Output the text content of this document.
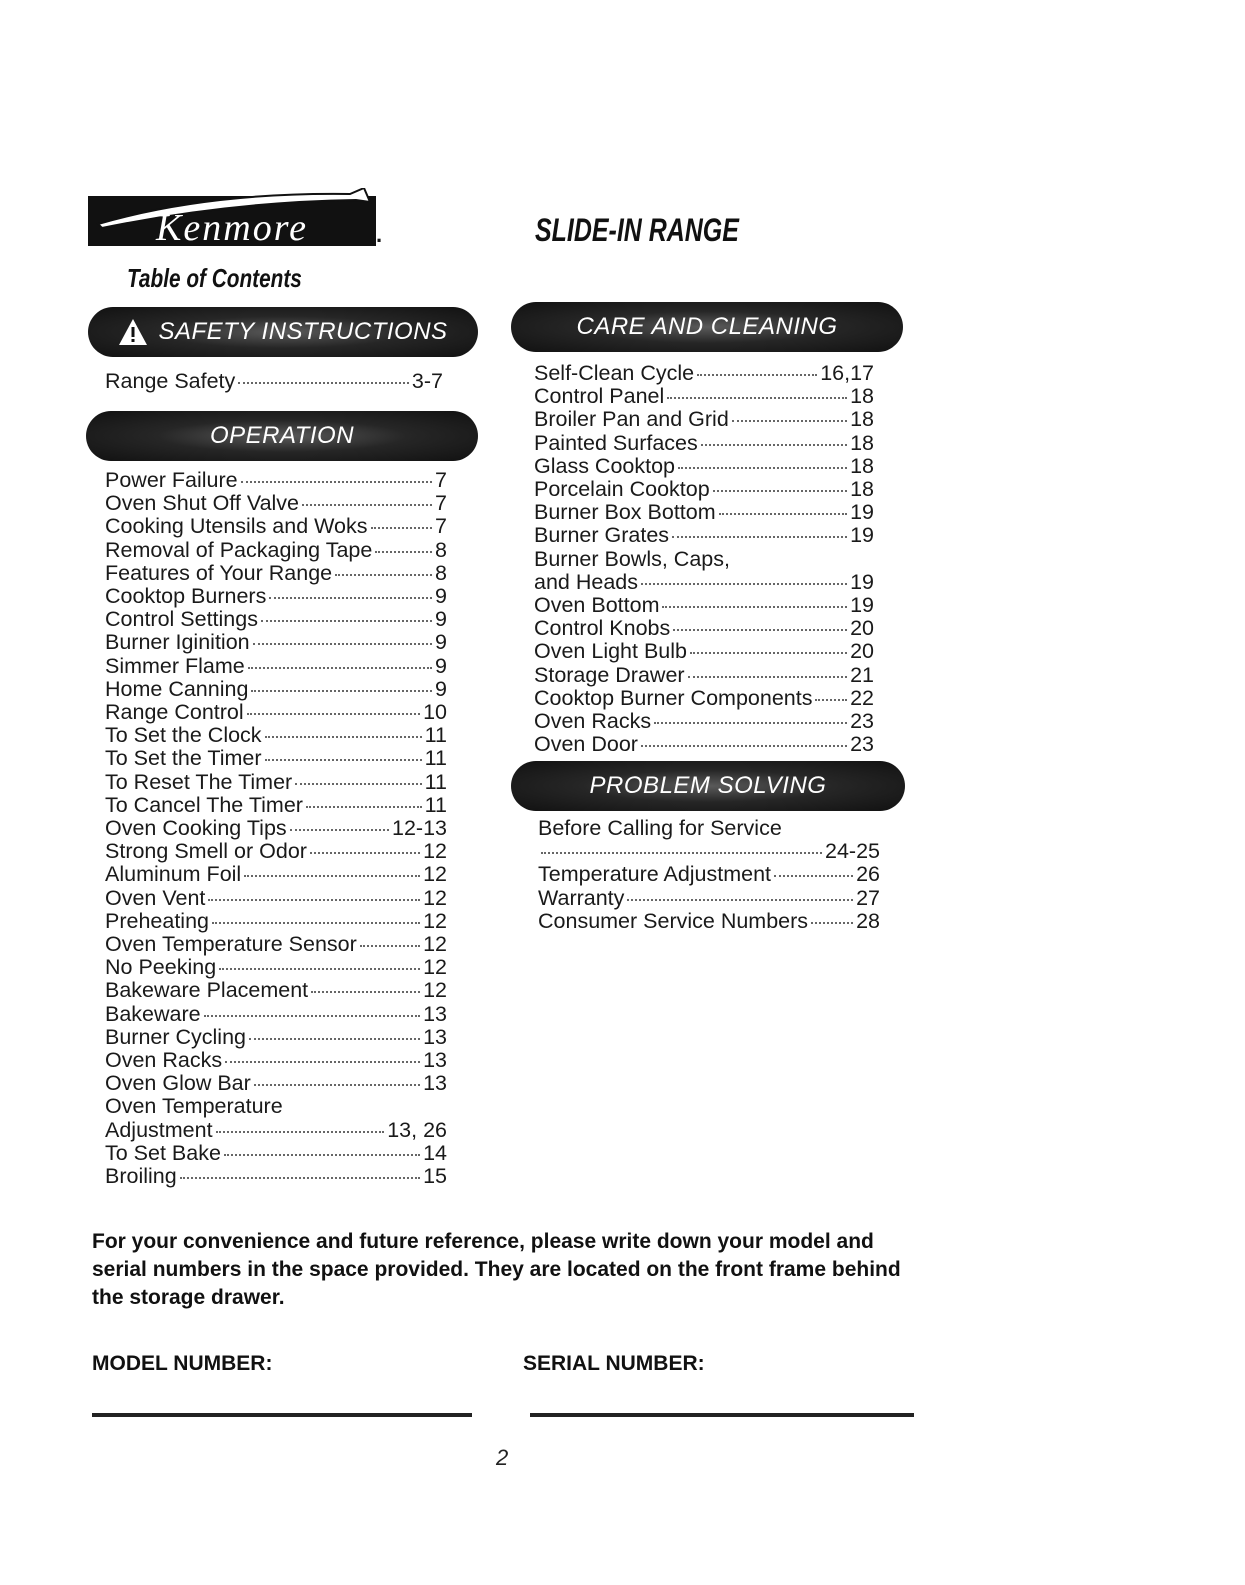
Kenmore	.	SLIDE-IN RANGE
Table of Contents
SAFETY INSTRUCTIONS
Range Safety	3-7
OPERATION
Power Failure	7
Oven Shut Off Valve	7
Cooking Utensils and Woks	7
Removal of Packaging Tape	8
Features of Your Range	8
Cooktop Burners	9
Control Settings	9
Burner Iginition	9
Simmer Flame	9
Home Canning	9
Range Control	10
To Set the Clock	11
To Set the Timer	11
To Reset The Timer	11
To Cancel The Timer	11
Oven Cooking Tips	12-13
Strong Smell or Odor	12
Aluminum Foil	12
Oven Vent	12
Preheating	12
Oven Temperature Sensor	12
No Peeking	12
Bakeware Placement	12
Bakeware	13
Burner Cycling	13
Oven Racks	13
Oven Glow Bar	13
Oven Temperature
Adjustment	13, 26
To Set Bake	14
Broiling	15
CARE AND CLEANING
Self-Clean Cycle	16,17
Control Panel	18
Broiler Pan and Grid	18
Painted Surfaces	18
Glass Cooktop	18
Porcelain Cooktop	18
Burner Box Bottom	19
Burner Grates	19
Burner Bowls, Caps,
and Heads	19
Oven Bottom	19
Control Knobs	20
Oven Light Bulb	20
Storage Drawer	21
Cooktop Burner Components 22
Oven Racks	23
Oven Door	23
PROBLEM SOLVING
Before Calling for Service
24-25
Temperature Adjustment	26
Warranty	27
Consumer Service Numbers 28
For your convenience and future reference, please write down your model and serial numbers in the space provided. They are located on the front frame behind the storage drawer.
MODEL NUMBER:	SERIAL NUMBER:
2
